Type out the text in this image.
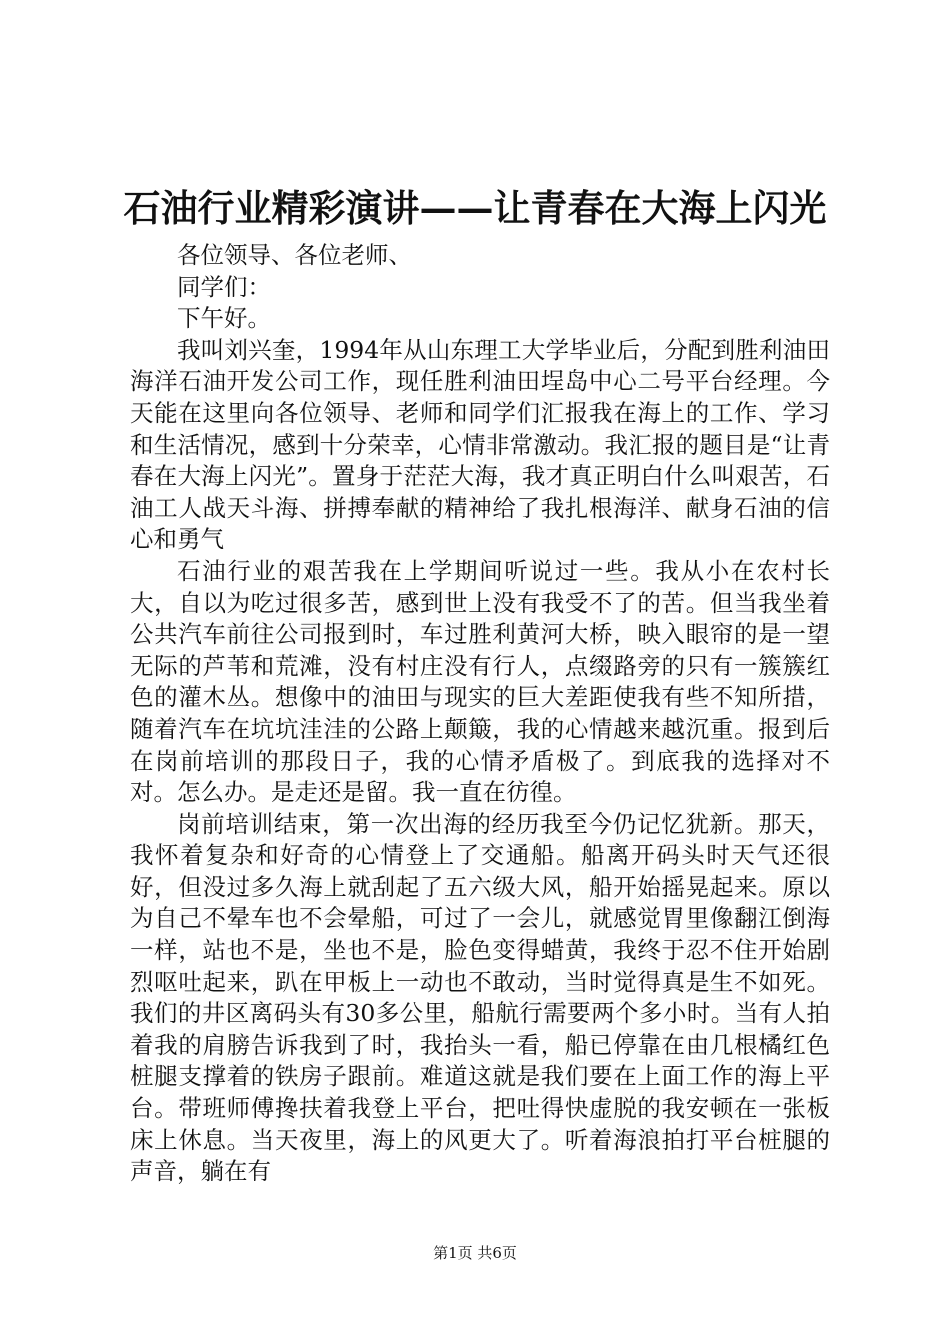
石油行业精彩演讲——让青春在大海上闪光

各位领导、各位老师、

同学们：

下午好。

我叫刘兴奎，1994年从山东理工大学毕业后，分配到胜利油田海洋石油开发公司工作，现任胜利油田埕岛中心二号平台经理。今天能在这里向各位领导、老师和同学们汇报我在海上的工作、学习和生活情况，感到十分荣幸，心情非常激动。我汇报的题目是“让青春在大海上闪光”。置身于茫茫大海，我才真正明白什么叫艰苦，石油工人战天斗海、拼搏奉献的精神给了我扎根海洋、献身石油的信心和勇气

石油行业的艰苦我在上学期间听说过一些。我从小在农村长大，自以为吃过很多苦，感到世上没有我受不了的苦。但当我坐着公共汽车前往公司报到时，车过胜利黄河大桥，映入眼帘的是一望无际的芦苇和荒滩，没有村庄没有行人，点缀路旁的只有一簇簇红色的灌木丛。想像中的油田与现实的巨大差距使我有些不知所措，随着汽车在坑坑洼洼的公路上颠簸，我的心情越来越沉重。报到后在岗前培训的那段日子，我的心情矛盾极了。到底我的选择对不对。怎么办。是走还是留。我一直在彷徨。

岗前培训结束，第一次出海的经历我至今仍记忆犹新。那天，我怀着复杂和好奇的心情登上了交通船。船离开码头时天气还很好，但没过多久海上就刮起了五六级大风，船开始摇晃起来。原以为自己不晕车也不会晕船，可过了一会儿，就感觉胃里像翻江倒海一样，站也不是，坐也不是，脸色变得蜡黄，我终于忍不住开始剧烈呕吐起来，趴在甲板上一动也不敢动，当时觉得真是生不如死。我们的井区离码头有30多公里，船航行需要两个多小时。当有人拍着我的肩膀告诉我到了时，我抬头一看，船已停靠在由几根橘红色桩腿支撑着的铁房子跟前。难道这就是我们要在上面工作的海上平台。带班师傅搀扶着我登上平台，把吐得快虚脱的我安顿在一张板床上休息。当天夜里，海上的风更大了。听着海浪拍打平台桩腿的声音，躺在有

第1页 共6页
